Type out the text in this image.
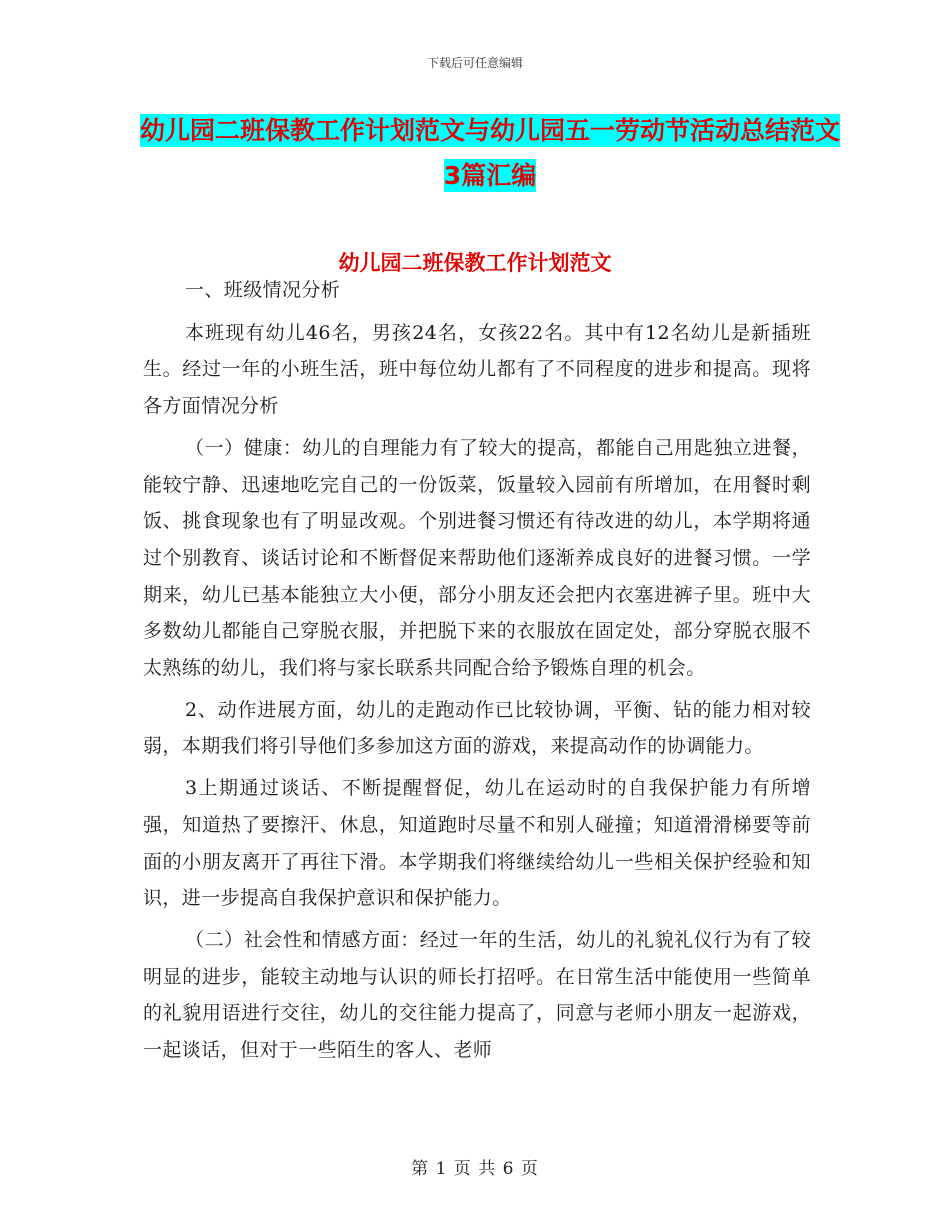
下载后可任意编辑
幼儿园二班保教工作计划范文与幼儿园五一劳动节活动总结范文3篇汇编
幼儿园二班保教工作计划范文

一、班级情况分析

本班现有幼儿46名，男孩24名，女孩22名。其中有12名幼儿是新插班生。经过一年的小班生活，班中每位幼儿都有了不同程度的进步和提高。现将各方面情况分析

（一）健康：幼儿的自理能力有了较大的提高，都能自己用匙独立进餐，能较宁静、迅速地吃完自己的一份饭菜，饭量较入园前有所增加，在用餐时剩饭、挑食现象也有了明显改观。个别进餐习惯还有待改进的幼儿，本学期将通过个别教育、谈话讨论和不断督促来帮助他们逐渐养成良好的进餐习惯。一学期来，幼儿已基本能独立大小便，部分小朋友还会把内衣塞进裤子里。班中大多数幼儿都能自己穿脱衣服，并把脱下来的衣服放在固定处，部分穿脱衣服不太熟练的幼儿，我们将与家长联系共同配合给予锻炼自理的机会。

2、动作进展方面，幼儿的走跑动作已比较协调，平衡、钻的能力相对较弱，本期我们将引导他们多参加这方面的游戏，来提高动作的协调能力。

3上期通过谈话、不断提醒督促，幼儿在运动时的自我保护能力有所增强，知道热了要擦汗、休息，知道跑时尽量不和别人碰撞；知道滑滑梯要等前面的小朋友离开了再往下滑。本学期我们将继续给幼儿一些相关保护经验和知识，进一步提高自我保护意识和保护能力。

（二）社会性和情感方面：经过一年的生活，幼儿的礼貌礼仪行为有了较明显的进步，能较主动地与认识的师长打招呼。在日常生活中能使用一些简单的礼貌用语进行交往，幼儿的交往能力提高了，同意与老师小朋友一起游戏，一起谈话，但对于一些陌生的客人、老师

第 1 页 共 6 页
